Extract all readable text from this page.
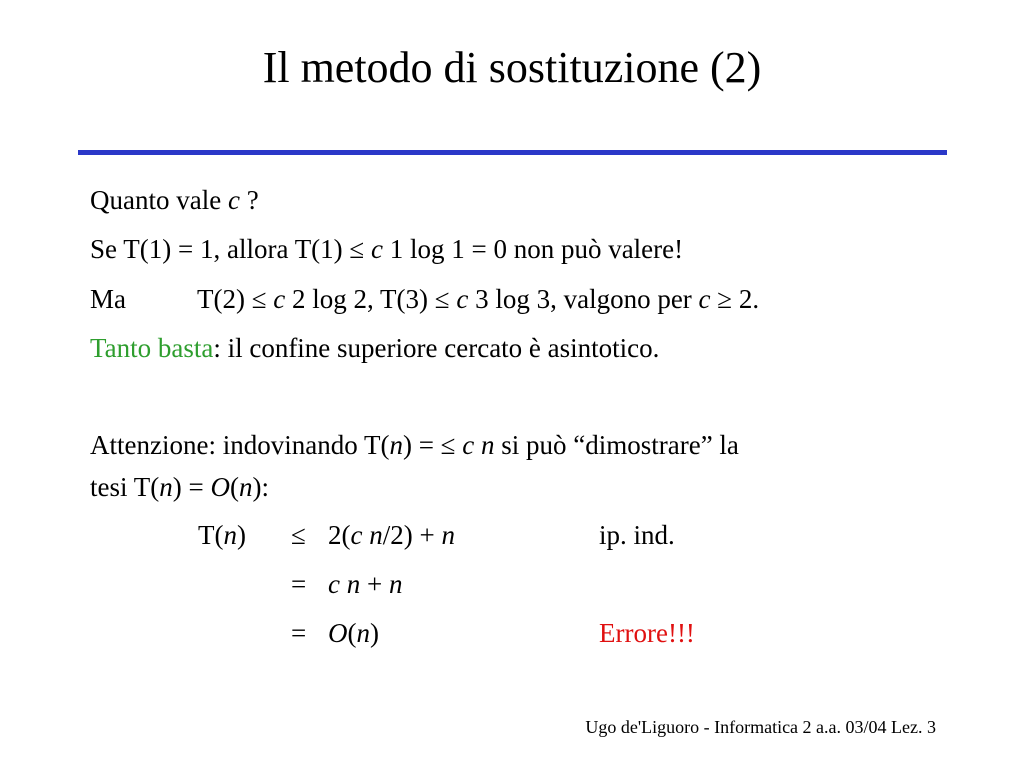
Il metodo di sostituzione (2)
Quanto vale c ?
Se T(1) = 1, allora T(1) ≤ c 1 log 1 = 0 non può valere!
Ma	T(2) ≤ c 2 log 2, T(3) ≤ c 3 log 3, valgono per c ≥ 2.
Tanto basta: il confine superiore cercato è asintotico.
Attenzione: indovinando T(n) = ≤ c n si può “dimostrare” la
tesi T(n) = O(n):
T(n) ≤ 2(c n/2) + n	ip. ind.
= c n + n
= O(n)	Errore!!!
Ugo de'Liguoro - Informatica 2 a.a. 03/04 Lez. 3
